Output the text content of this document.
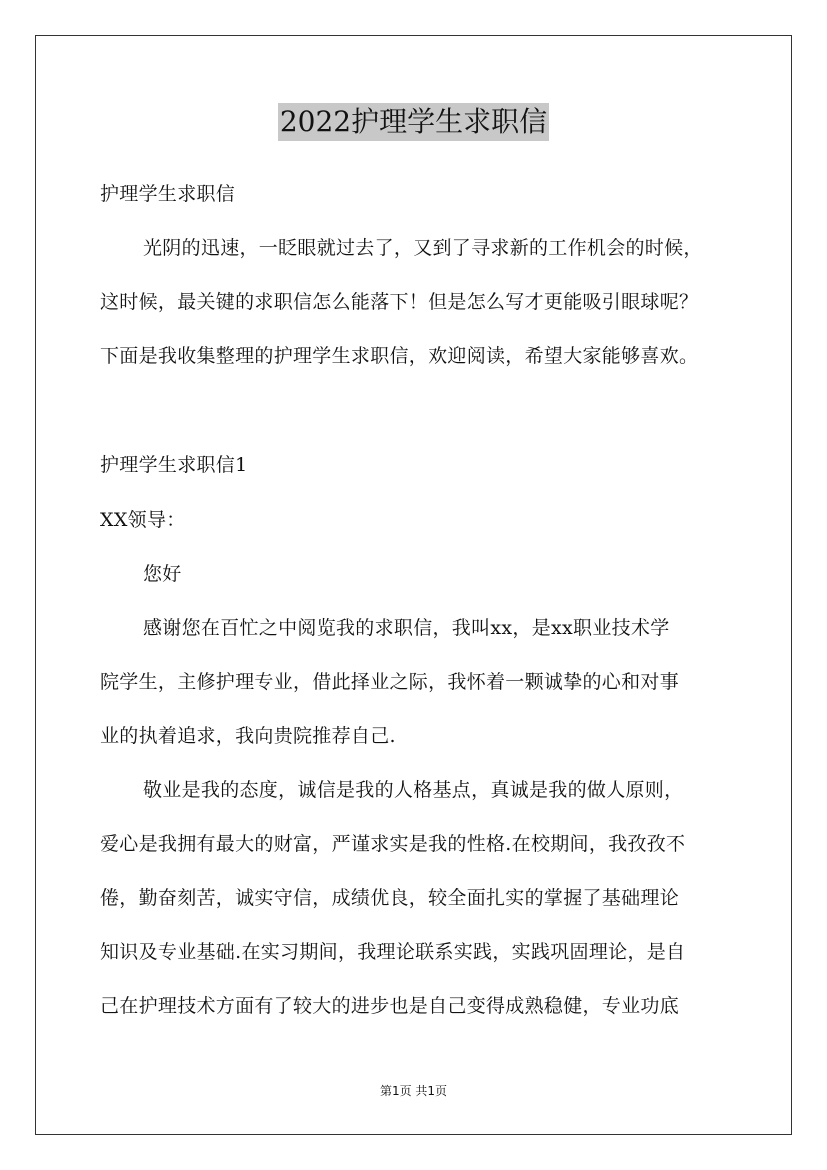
2022护理学生求职信
护理学生求职信
光阴的迅速，一眨眼就过去了，又到了寻求新的工作机会的时候，
这时候，最关键的求职信怎么能落下！但是怎么写才更能吸引眼球呢？
下面是我收集整理的护理学生求职信，欢迎阅读，希望大家能够喜欢。
护理学生求职信1
XX领导：
您好
感谢您在百忙之中阅览我的求职信，我叫xx，是xx职业技术学
院学生，主修护理专业，借此择业之际，我怀着一颗诚挚的心和对事
业的执着追求，我向贵院推荐自己.
敬业是我的态度，诚信是我的人格基点，真诚是我的做人原则，
爱心是我拥有最大的财富，严谨求实是我的性格.在校期间，我孜孜不
倦，勤奋刻苦，诚实守信，成绩优良，较全面扎实的掌握了基础理论
知识及专业基础.在实习期间，我理论联系实践，实践巩固理论，是自
己在护理技术方面有了较大的进步也是自己变得成熟稳健，专业功底
第1页 共1页
